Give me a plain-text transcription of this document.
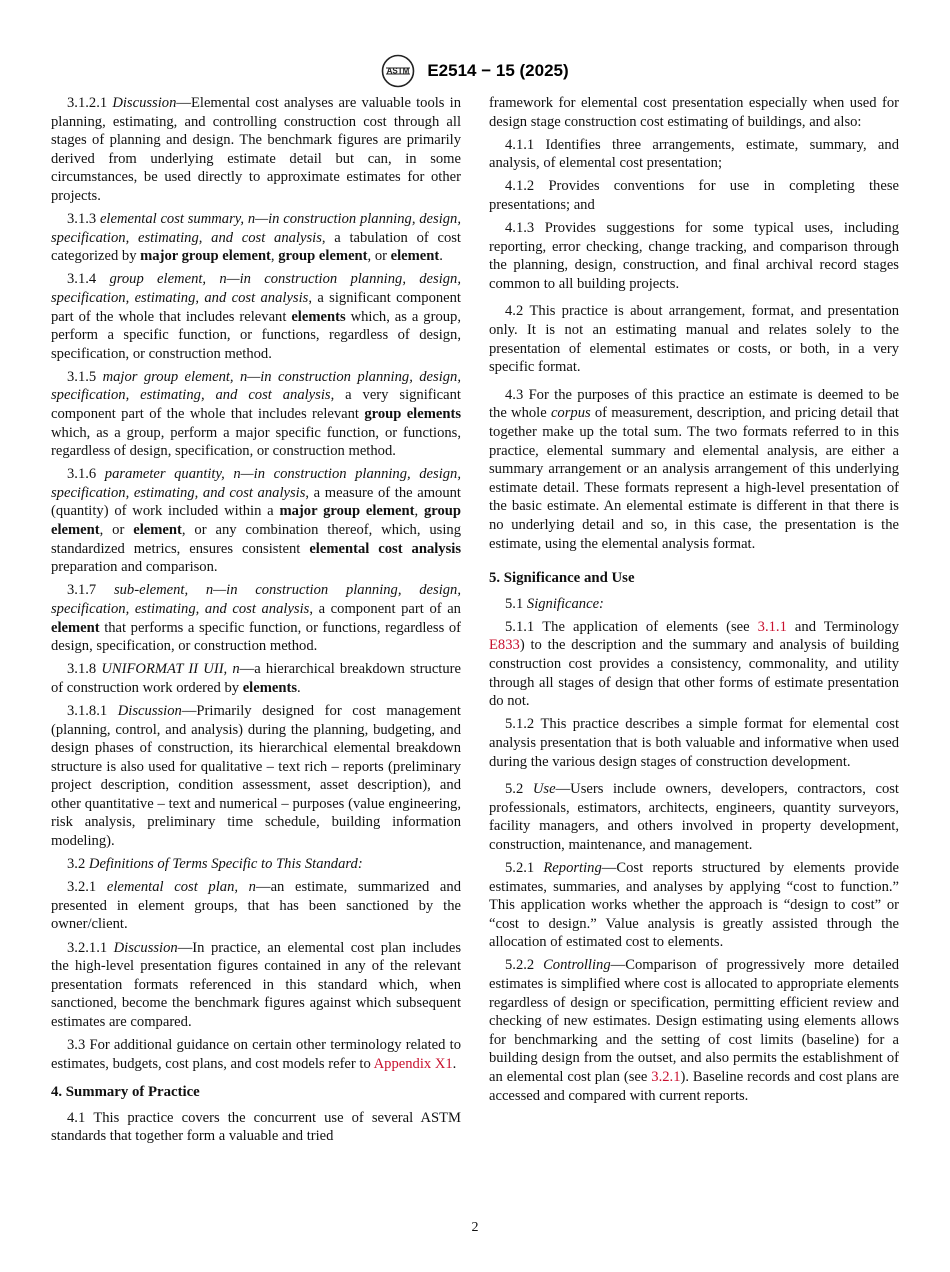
ASTM E2514 − 15 (2025)

3.1.2.1 Discussion—Elemental cost analyses are valuable tools in planning, estimating, and controlling construction cost through all stages of planning and design. The benchmark figures are primarily derived from underlying estimate detail but can, in some circumstances, be used directly to approximate estimates for other projects.

3.1.3 elemental cost summary, n—in construction planning, design, specification, estimating, and cost analysis, a tabulation of cost categorized by major group element, group element, or element.

3.1.4 group element, n—in construction planning, design, specification, estimating, and cost analysis, a significant component part of the whole that includes relevant elements which, as a group, perform a specific function, or functions, regardless of design, specification, or construction method.

3.1.5 major group element, n—in construction planning, design, specification, estimating, and cost analysis, a very significant component part of the whole that includes relevant group elements which, as a group, perform a major specific function, or functions, regardless of design, specification, or construction method.

3.1.6 parameter quantity, n—in construction planning, design, specification, estimating, and cost analysis, a measure of the amount (quantity) of work included within a major group element, group element, or element, or any combination thereof, which, using standardized metrics, ensures consistent elemental cost analysis preparation and comparison.

3.1.7 sub-element, n—in construction planning, design, specification, estimating, and cost analysis, a component part of an element that performs a specific function, or functions, regardless of design, specification, or construction method.

3.1.8 UNIFORMAT II UII, n—a hierarchical breakdown structure of construction work ordered by elements.

3.1.8.1 Discussion—Primarily designed for cost management (planning, control, and analysis) during the planning, budgeting, and design phases of construction, its hierarchical elemental breakdown structure is also used for qualitative – text rich – reports (preliminary project description, condition assessment, asset description), and other quantitative – text and numerical – purposes (value engineering, risk analysis, preliminary time schedule, building information modeling).

3.2 Definitions of Terms Specific to This Standard:

3.2.1 elemental cost plan, n—an estimate, summarized and presented in element groups, that has been sanctioned by the owner/client.

3.2.1.1 Discussion—In practice, an elemental cost plan includes the high-level presentation figures contained in any of the relevant presentation formats referenced in this standard which, when sanctioned, become the benchmark figures against which subsequent estimates are compared.

3.3 For additional guidance on certain other terminology related to estimates, budgets, cost plans, and cost models refer to Appendix X1.

4. Summary of Practice

4.1 This practice covers the concurrent use of several ASTM standards that together form a valuable and tried

framework for elemental cost presentation especially when used for design stage construction cost estimating of buildings, and also:

4.1.1 Identifies three arrangements, estimate, summary, and analysis, of elemental cost presentation;

4.1.2 Provides conventions for use in completing these presentations; and

4.1.3 Provides suggestions for some typical uses, including reporting, error checking, change tracking, and comparison through the planning, design, construction, and final archival record stages common to all building projects.

4.2 This practice is about arrangement, format, and presentation only. It is not an estimating manual and relates solely to the presentation of elemental estimates or costs, or both, in a very specific format.

4.3 For the purposes of this practice an estimate is deemed to be the whole corpus of measurement, description, and pricing detail that together make up the total sum. The two formats referred to in this practice, elemental summary and elemental analysis, are either a summary arrangement or an analysis arrangement of this underlying estimate detail. These formats represent a high-level presentation of the basic estimate. An elemental estimate is different in that there is no underlying detail and so, in this case, the presentation is the estimate, using the elemental analysis format.

5. Significance and Use

5.1 Significance:

5.1.1 The application of elements (see 3.1.1 and Terminology E833) to the description and the summary and analysis of building construction cost provides a consistency, commonality, and utility through all stages of design that other forms of estimate presentation do not.

5.1.2 This practice describes a simple format for elemental cost analysis presentation that is both valuable and informative when used during the various design stages of construction development.

5.2 Use—Users include owners, developers, contractors, cost professionals, estimators, architects, engineers, quantity surveyors, facility managers, and others involved in property development, construction, maintenance, and management.

5.2.1 Reporting—Cost reports structured by elements provide estimates, summaries, and analyses by applying “cost to function.” This application works whether the approach is “design to cost” or “cost to design.” Value analysis is greatly assisted through the allocation of estimated cost to elements.

5.2.2 Controlling—Comparison of progressively more detailed estimates is simplified where cost is allocated to appropriate elements regardless of design or specification, permitting efficient review and checking of new estimates. Design estimating using elements allows for benchmarking and the setting of cost limits (baseline) for a building design from the outset, and also permits the establishment of an elemental cost plan (see 3.2.1). Baseline records and cost plans are accessed and compared with current reports.

2
